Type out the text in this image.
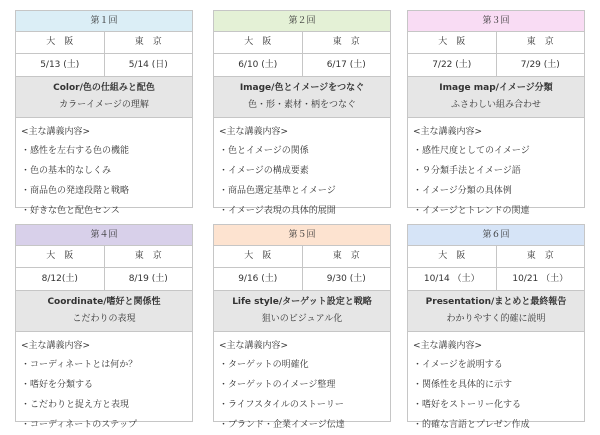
第１回
大　阪	東　京
5/13 (土)	5/14 (日)
Color/色の仕組みと配色
カラーイメージの理解
<主な講義内容>
・感性を左右する色の機能
・色の基本的なしくみ
・商品色の発達段階と戦略
・好きな色と配色センス
第２回
大　阪	東　京
6/10 (土)	6/17 (土)
Image/色とイメージをつなぐ
色・形・素材・柄をつなぐ
<主な講義内容>
・色とイメージの関係
・イメージの構成要素
・商品色選定基準とイメージ
・イメージ表現の具体的展開
第３回
大　阪	東　京
7/22 (土)	7/29 (土)
Image map/イメージ分類
ふさわしい組み合わせ
<主な講義内容>
・感性尺度としてのイメージ
・９分類手法とイメージ語
・イメージ分類の具体例
・イメージとトレンドの関連
第４回
大　阪	東　京
8/12(土)	8/19 (土)
Coordinate/嗜好と関係性
こだわりの表現
<主な講義内容>
・コーディネートとは何か？
・嗜好を分類する
・こだわりと捉え方と表現
・コーディネートのステップ
第５回
大　阪	東　京
9/16 (土)	9/30 (土)
Life style/ターゲット設定と戦略
狙いのビジュアル化
<主な講義内容>
・ターゲットの明確化
・ターゲットのイメージ整理
・ライフスタイルのストーリー
・ブランド・企業イメージ伝達
第６回
大　阪	東　京
10/14 （土）	10/21 （土）
Presentation/まとめと最終報告
わかりやすく的確に説明
<主な講義内容>
・イメージを説明する
・関係性を具体的に示す
・嗜好をストーリー化する
・的確な言語とプレゼン作成
